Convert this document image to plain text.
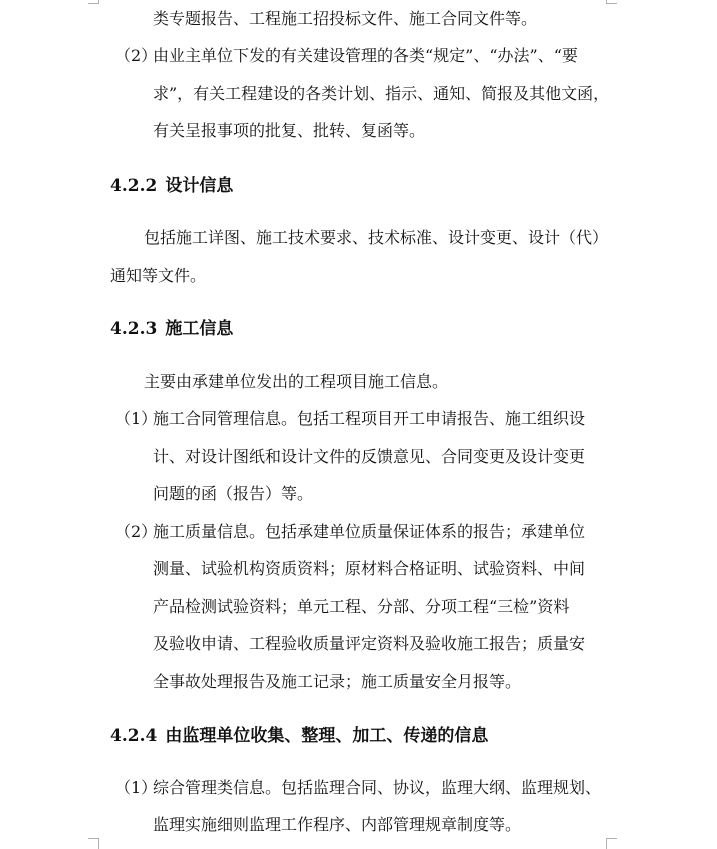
类专题报告、工程施工招投标文件、施工合同文件等。
（2）
由业主单位下发的有关建设管理的各类“规定”、“办法”、“要
求”，有关工程建设的各类计划、指示、通知、简报及其他文函，
有关呈报事项的批复、批转、复函等。
4.2.2 设计信息
包括施工详图、施工技术要求、技术标准、设计变更、设计（代）
通知等文件。
4.2.3 施工信息
主要由承建单位发出的工程项目施工信息。
（1）
施工合同管理信息。包括工程项目开工申请报告、施工组织设
计、对设计图纸和设计文件的反馈意见、合同变更及设计变更
问题的函（报告）等。
（2）
施工质量信息。包括承建单位质量保证体系的报告；承建单位
测量、试验机构资质资料；原材料合格证明、试验资料、中间
产品检测试验资料；单元工程、分部、分项工程“三检”资料
及验收申请、工程验收质量评定资料及验收施工报告；质量安
全事故处理报告及施工记录；施工质量安全月报等。
4.2.4 由监理单位收集、整理、加工、传递的信息
（1）
综合管理类信息。包括监理合同、协议，监理大纲、监理规划、
监理实施细则监理工作程序、内部管理规章制度等。
